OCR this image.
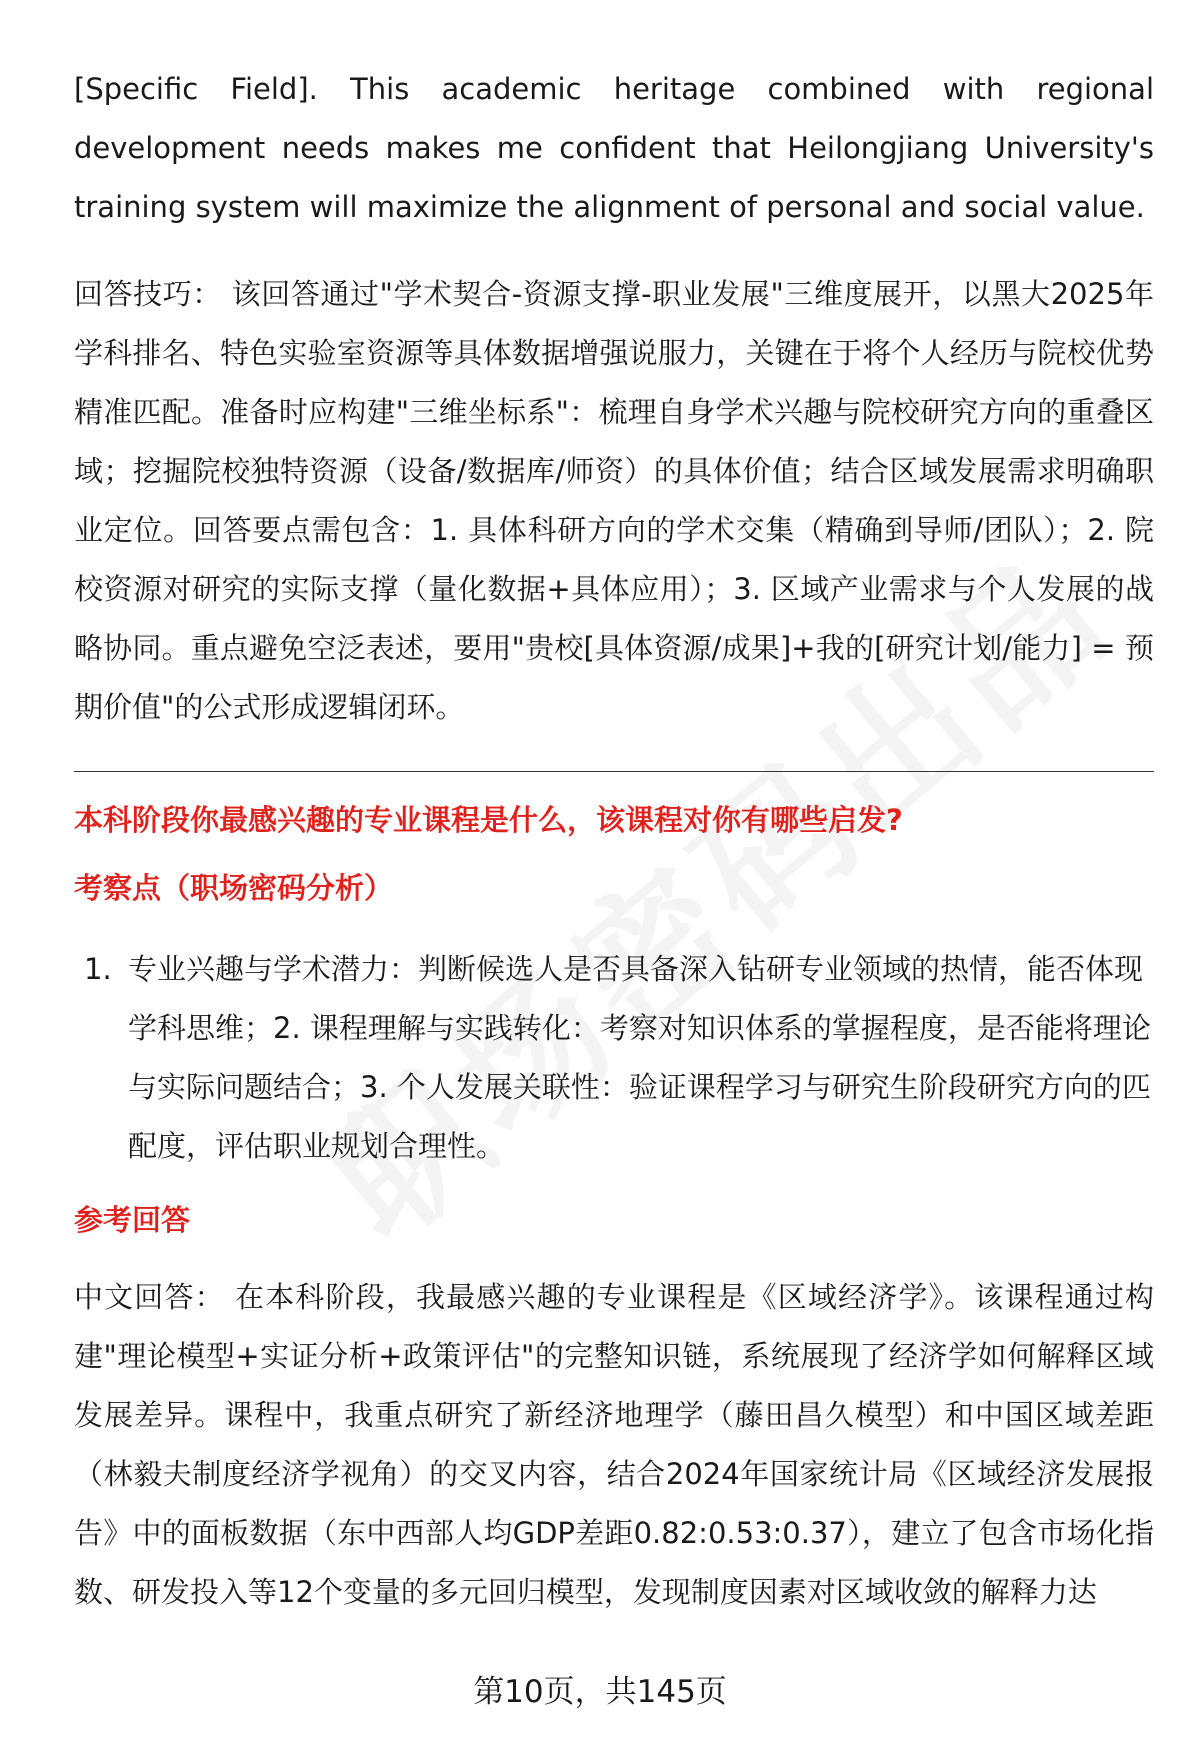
[Specific Field]. This academic heritage combined with regional development needs makes me confident that Heilongjiang University's training system will maximize the alignment of personal and social value.

回答技巧： 该回答通过"学术契合-资源支撑-职业发展"三维度展开，以黑大2025年学科排名、特色实验室资源等具体数据增强说服力，关键在于将个人经历与院校优势精准匹配。准备时应构建"三维坐标系"：梳理自身学术兴趣与院校研究方向的重叠区域；挖掘院校独特资源（设备/数据库/师资）的具体价值；结合区域发展需求明确职业定位。回答要点需包含：1. 具体科研方向的学术交集（精确到导师/团队）；2. 院校资源对研究的实际支撑（量化数据+具体应用）；3. 区域产业需求与个人发展的战略协同。重点避免空泛表述，要用"贵校[具体资源/成果]+我的[研究计划/能力] = 预期价值"的公式形成逻辑闭环。

本科阶段你最感兴趣的专业课程是什么，该课程对你有哪些启发?

考察点（职场密码分析）

1. 专业兴趣与学术潜力：判断候选人是否具备深入钻研专业领域的热情，能否体现学科思维；2. 课程理解与实践转化：考察对知识体系的掌握程度，是否能将理论与实际问题结合；3. 个人发展关联性：验证课程学习与研究生阶段研究方向的匹配度，评估职业规划合理性。

参考回答

中文回答： 在本科阶段，我最感兴趣的专业课程是《区域经济学》。该课程通过构建"理论模型+实证分析+政策评估"的完整知识链，系统展现了经济学如何解释区域发展差异。课程中，我重点研究了新经济地理学（藤田昌久模型）和中国区域差距（林毅夫制度经济学视角）的交叉内容，结合2024年国家统计局《区域经济发展报告》中的面板数据（东中西部人均GDP差距0.82:0.53:0.37），建立了包含市场化指数、研发投入等12个变量的多元回归模型，发现制度因素对区域收敛的解释力达

第10页，共145页
